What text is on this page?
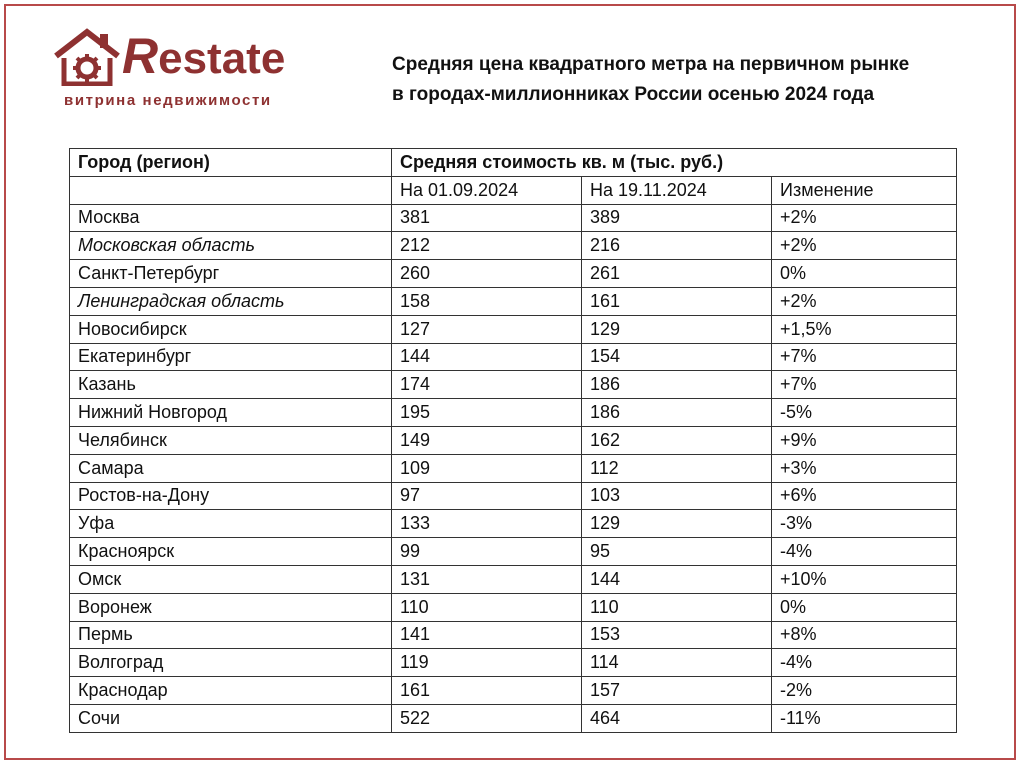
Restate
витрина недвижимости
Средняя цена квадратного метра на первичном рынке
в городах-миллионниках России осенью 2024 года
Город (регион)	Средняя стоимость кв. м (тыс. руб.)		
	На 01.09.2024	На 19.11.2024	Изменение
Москва	381	389	+2%
Московская область	212	216	+2%
Санкт-Петербург	260	261	0%
Ленинградская область	158	161	+2%
Новосибирск	127	129	+1,5%
Екатеринбург	144	154	+7%
Казань	174	186	+7%
Нижний Новгород	195	186	-5%
Челябинск	149	162	+9%
Самара	109	112	+3%
Ростов-на-Дону	97	103	+6%
Уфа	133	129	-3%
Красноярск	99	95	-4%
Омск	131	144	+10%
Воронеж	110	110	0%
Пермь	141	153	+8%
Волгоград	119	114	-4%
Краснодар	161	157	-2%
Сочи	522	464	-11%
